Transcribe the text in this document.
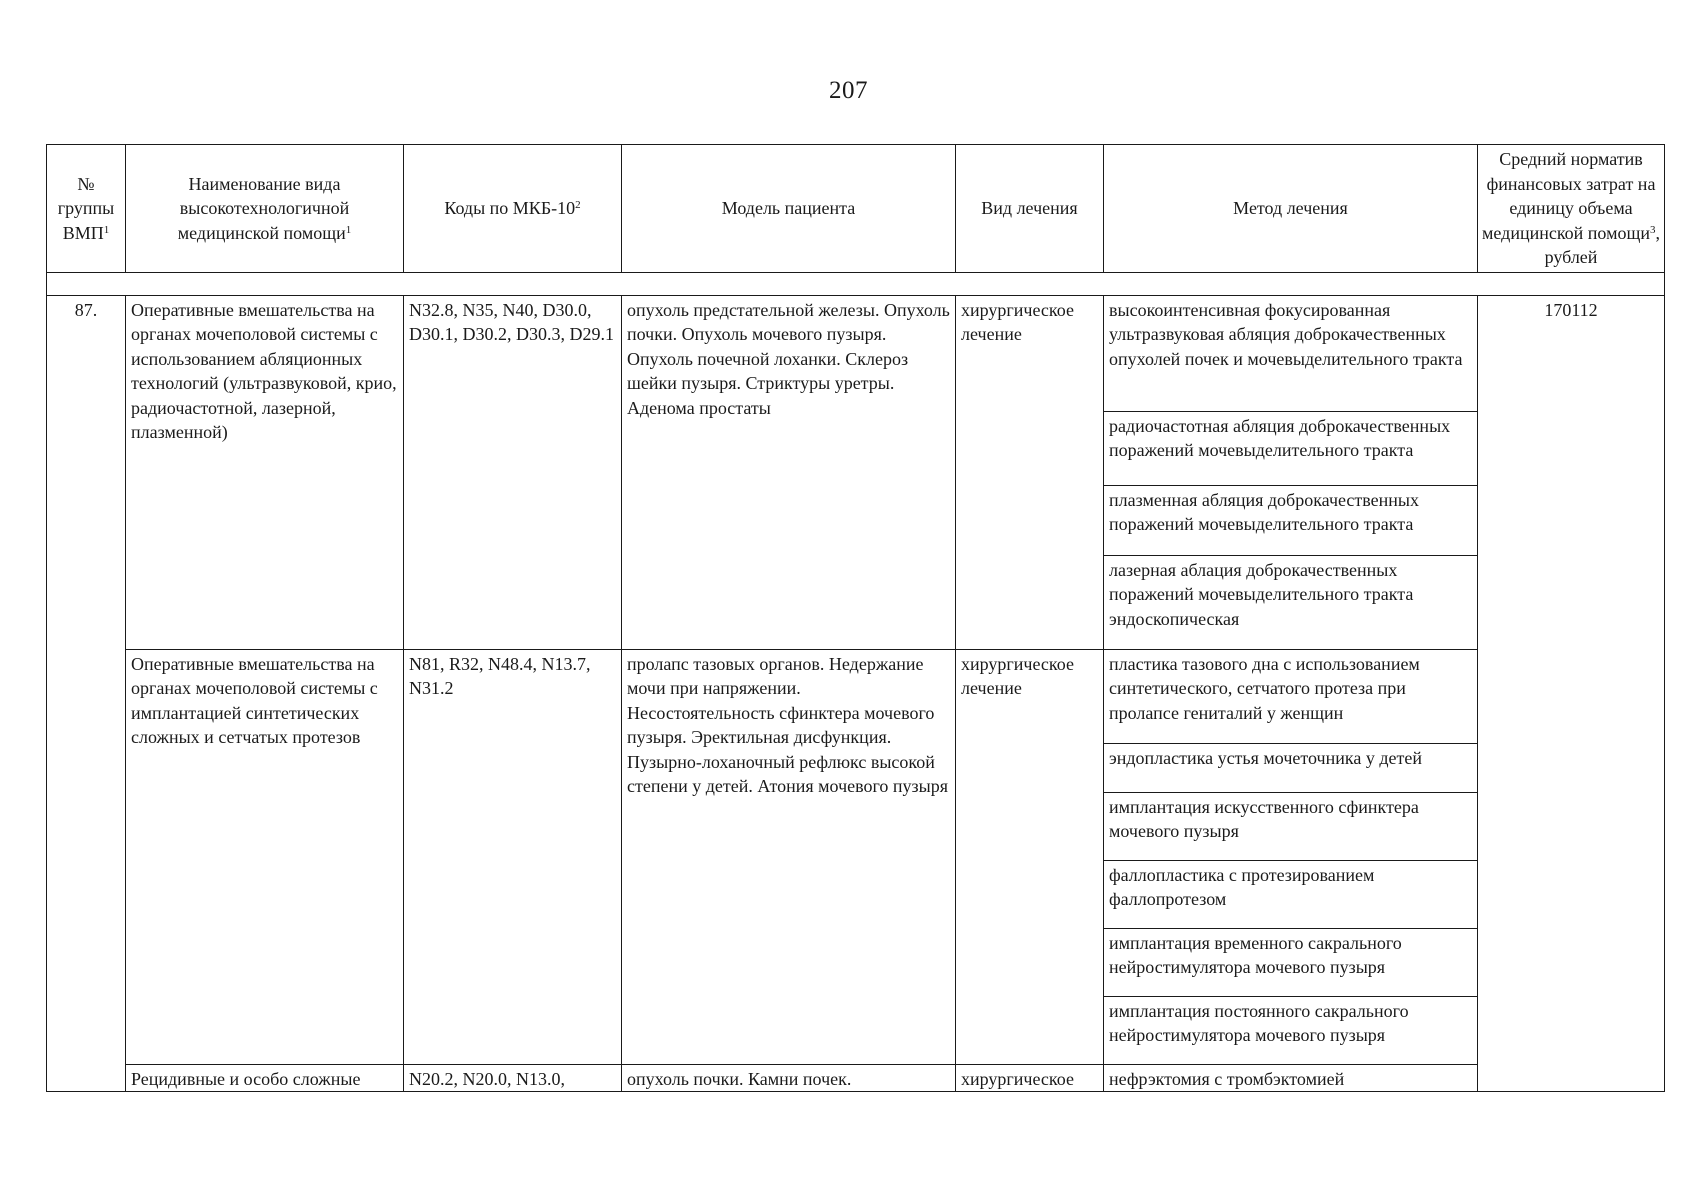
207
№ группы ВМП$^1$	Наименование вида высокотехнологичной медицинской помощи$^1$	Коды по МКБ-$10^2$	Модель пациента	Вид лечения	Метод лечения	Средний норматив финансовых затрат на единицу объема медицинской помощи$^3$, рублей

87.	Оперативные вмешательства на органах мочеполовой системы с использованием абляционных технологий (ультразвуковой, крио, радиочастотной, лазерной, плазменной)	N32.8, N35, N40, D30.0, D30.1, D30.2, D30.3, D29.1	опухоль предстательной железы. Опухоль почки. Опухоль мочевого пузыря. Опухоль почечной лоханки. Склероз шейки пузыря. Стриктуры уретры. Аденома простаты	хирургическое лечение	высокоинтенсивная фокусированная ультразвуковая абляция доброкачественных опухолей почек и мочевыделительного тракта	170112
					радиочастотная абляция доброкачественных поражений мочевыделительного тракта	
					плазменная абляция доброкачественных поражений мочевыделительного тракта	
					лазерная аблация доброкачественных поражений мочевыделительного тракта эндоскопическая	
	Оперативные вмешательства на органах мочеполовой системы с имплантацией синтетических сложных и сетчатых протезов	N81, R32, N48.4, N13.7, N31.2	пролапс тазовых органов. Недержание мочи при напряжении. Несостоятельность сфинктера мочевого пузыря. Эректильная дисфункция. Пузырно-лоханочный рефлюкс высокой степени у детей. Атония мочевого пузыря	хирургическое лечение	пластика тазового дна с использованием синтетического, сетчатого протеза при пролапсе гениталий у женщин	
					эндопластика устья мочеточника у детей	
					имплантация искусственного сфинктера мочевого пузыря	
					фаллопластика с протезированием фаллопротезом	
					имплантация временного сакрального нейростимулятора мочевого пузыря	
					имплантация постоянного сакрального нейростимулятора мочевого пузыря	
	Рецидивные и особо сложные	N20.2, N20.0, N13.0,	опухоль почки. Камни почек.	хирургическое	нефрэктомия с тромбэктомией	
